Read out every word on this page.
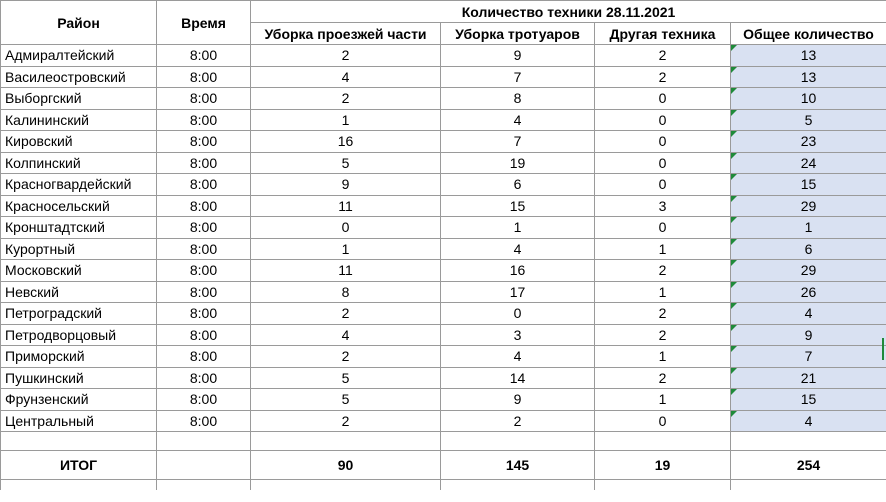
Район	Время	Количество техники 28.11.2021			
		Уборка проезжей части	Уборка тротуаров	Другая техника	Общее количество
Адмиралтейский	8:00	2	9	2	13
Василеостровский	8:00	4	7	2	13
Выборгский	8:00	2	8	0	10
Калининский	8:00	1	4	0	5
Кировский	8:00	16	7	0	23
Колпинский	8:00	5	19	0	24
Красногвардейский	8:00	9	6	0	15
Красносельский	8:00	11	15	3	29
Кронштадтский	8:00	0	1	0	1
Курортный	8:00	1	4	1	6
Московский	8:00	11	16	2	29
Невский	8:00	8	17	1	26
Петроградский	8:00	2	0	2	4
Петродворцовый	8:00	4	3	2	9
Приморский	8:00	2	4	1	7
Пушкинский	8:00	5	14	2	21
Фрунзенский	8:00	5	9	1	15
Центральный	8:00	2	2	0	4

ИТОГ		90	145	19	254
